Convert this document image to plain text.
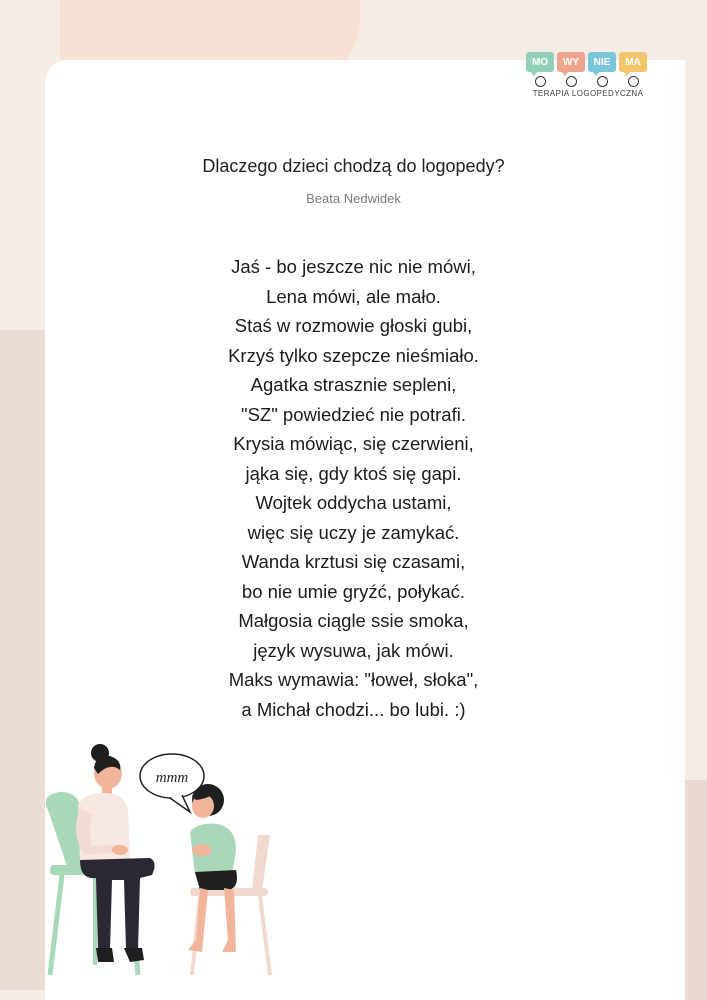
MO	WY	NIE	MA
TERAPIA LOGOPEDYCZNA
Dlaczego dzieci chodzą do logopedy?
Beata Nedwidek
Jaś - bo jeszcze nic nie mówi,
Lena mówi, ale mało.
Staś w rozmowie głoski gubi,
Krzyś tylko szepcze nieśmiało.
Agatka strasznie sepleni,
"SZ" powiedzieć nie potrafi.
Krysia mówiąc, się czerwieni,
jąka się, gdy ktoś się gapi.
Wojtek oddycha ustami,
więc się uczy je zamykać.
Wanda krztusi się czasami,
bo nie umie gryźć, połykać.
Małgosia ciągle ssie smoka,
język wysuwa, jak mówi.
Maks wymawia: "łoweł, słoka",
a Michał chodzi... bo lubi. :)
mmm
